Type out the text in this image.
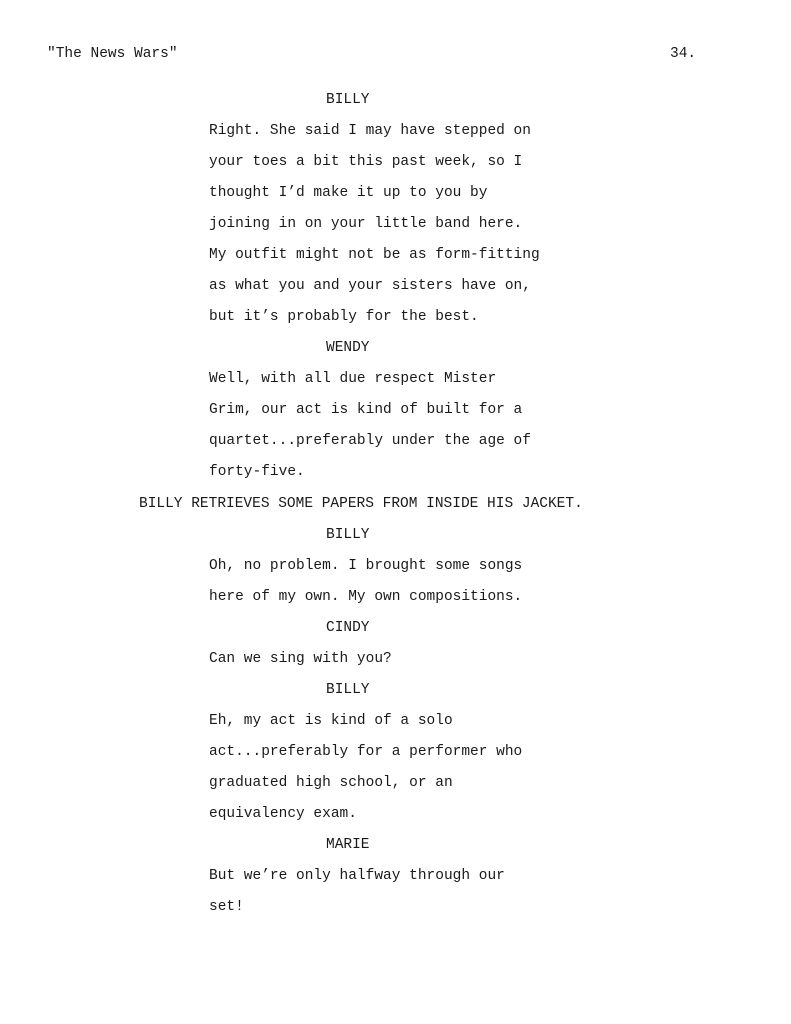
"The News Wars"	34.
BILLY
Right. She said I may have stepped on
your toes a bit this past week, so I
thought I’d make it up to you by
joining in on your little band here.
My outfit might not be as form-fitting
as what you and your sisters have on,
but it’s probably for the best.
WENDY
Well, with all due respect Mister
Grim, our act is kind of built for a
quartet...preferably under the age of
forty-five.
BILLY RETRIEVES SOME PAPERS FROM INSIDE HIS JACKET.
BILLY
Oh, no problem. I brought some songs
here of my own. My own compositions.
CINDY
Can we sing with you?
BILLY
Eh, my act is kind of a solo
act...preferably for a performer who
graduated high school, or an
equivalency exam.
MARIE
But we’re only halfway through our
set!
